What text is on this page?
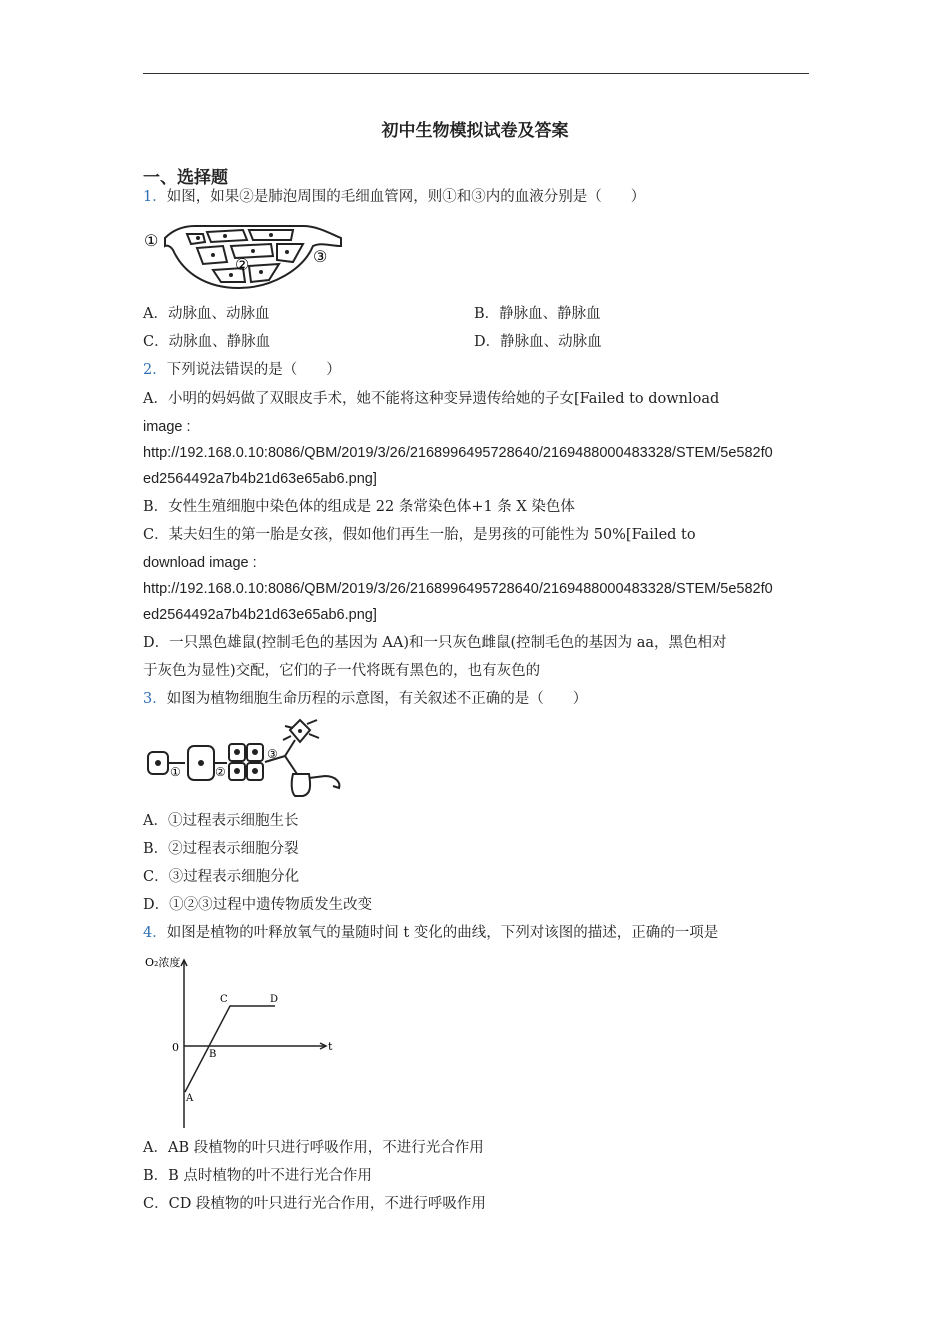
初中生物模拟试卷及答案
一、选择题
1．如图，如果②是肺泡周围的毛细血管网，则①和③内的血液分别是（　　）
①
②	③
A．动脉血、动脉血	B．静脉血、静脉血
C．动脉血、静脉血	D．静脉血、动脉血
2．下列说法错误的是（　　）
A．小明的妈妈做了双眼皮手术，她不能将这种变异遗传给她的子女[Failed to download
image :
http://192.168.0.10:8086/QBM/2019/3/26/2168996495728640/2169488000483328/STEM/5e582f0
ed2564492a7b4b21d63e65ab6.png]
B．女性生殖细胞中染色体的组成是 22 条常染色体+1 条 X 染色体
C．某夫妇生的第一胎是女孩，假如他们再生一胎，是男孩的可能性为 50%[Failed to
download image :
http://192.168.0.10:8086/QBM/2019/3/26/2168996495728640/2169488000483328/STEM/5e582f0
ed2564492a7b4b21d63e65ab6.png]
D．一只黑色雄鼠(控制毛色的基因为 AA)和一只灰色雌鼠(控制毛色的基因为 aa，黑色相对
于灰色为显性)交配，它们的子一代将既有黑色的，也有灰色的
3．如图为植物细胞生命历程的示意图，有关叙述不正确的是（　　）
①	②
③
A．①过程表示细胞生长
B．②过程表示细胞分裂
C．③过程表示细胞分化
D．①②③过程中遗传物质发生改变
4．如图是植物的叶释放氧气的量随时间 t 变化的曲线，下列对该图的描述，正确的一项是
O₂浓度
t
0
A
B
C	D
A．AB 段植物的叶只进行呼吸作用，不进行光合作用
B．B 点时植物的叶不进行光合作用
C．CD 段植物的叶只进行光合作用，不进行呼吸作用
